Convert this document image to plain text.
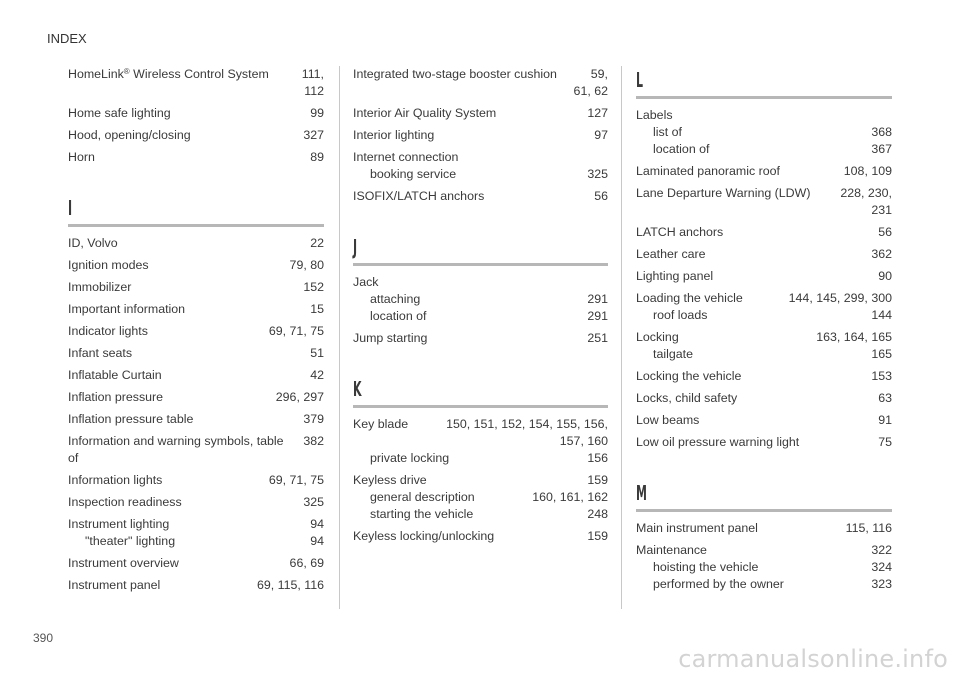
INDEX
HomeLink® Wireless Control System	111,
112
Home safe lighting	99
Hood, opening/closing	327
Horn	89
I
ID, Volvo	22
Ignition modes	79, 80
Immobilizer	152
Important information	15
Indicator lights	69, 71, 75
Infant seats	51
Inflatable Curtain	42
Inflation pressure	296, 297
Inflation pressure table	379
Information and warning symbols, table of
382
Information lights	69, 71, 75
Inspection readiness	325
Instrument lighting	94
"theater" lighting	94
Instrument overview	66, 69
Instrument panel	69, 115, 116
Integrated two-stage booster cushion	59,
61, 62
Interior Air Quality System	127
Interior lighting	97
Internet connection
booking service	325
ISOFIX/LATCH anchors	56
J
Jack
attaching	291
location of	291
Jump starting	251
K
Key blade	150, 151, 152, 154, 155, 156,
157, 160
private locking	156
Keyless drive	159
general description	160, 161, 162
starting the vehicle	248
Keyless locking/unlocking	159
L
Labels
list of	368
location of	367
Laminated panoramic roof	108, 109
Lane Departure Warning (LDW)	228, 230,
231
LATCH anchors	56
Leather care	362
Lighting panel	90
Loading the vehicle	144, 145, 299, 300
roof loads	144
Locking	163, 164, 165
tailgate	165
Locking the vehicle	153
Locks, child safety	63
Low beams	91
Low oil pressure warning light	75
M
Main instrument panel	115, 116
Maintenance	322
hoisting the vehicle	324
performed by the owner	323
390
carmanualsonline.info
